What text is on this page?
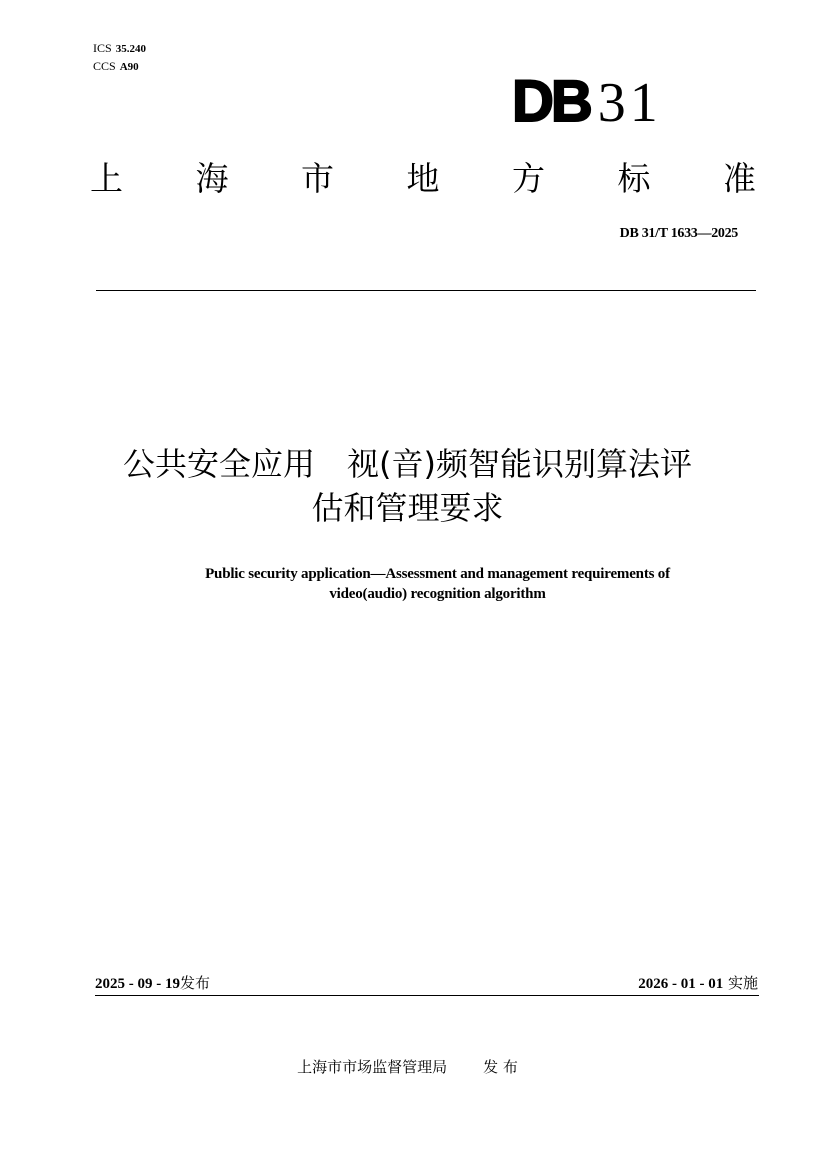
ICS 35.240
CCS A90
DB 31
上 海 市 地 方 标 准
DB 31/T 1633—2025
公共安全应用　视(音)频智能识别算法评
估和管理要求
Public security application—Assessment and management requirements of
video(audio) recognition algorithm
2025 - 09 - 19发布	2026 - 01 - 01 实施
上海市市场监督管理局 发 布
